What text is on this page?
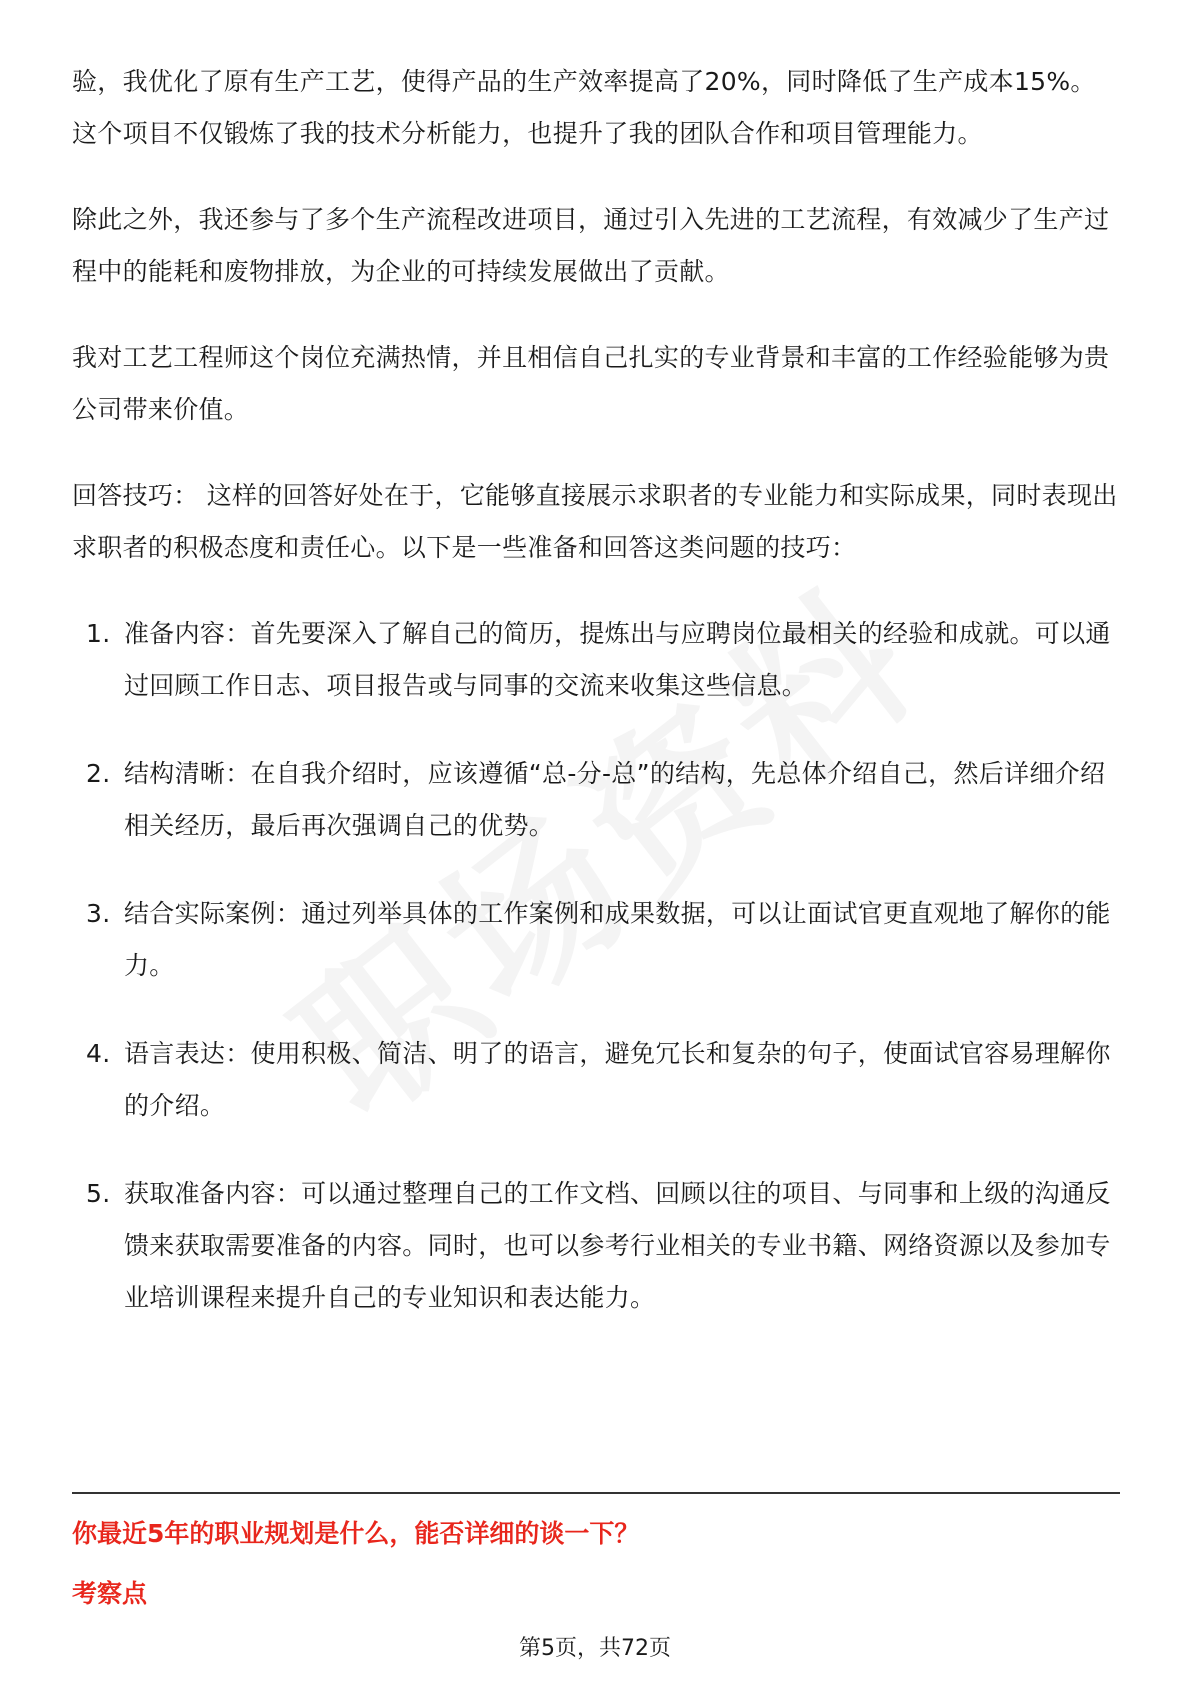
验，我优化了原有生产工艺，使得产品的生产效率提高了20%，同时降低了生产成本15%。这个项目不仅锻炼了我的技术分析能力，也提升了我的团队合作和项目管理能力。

除此之外，我还参与了多个生产流程改进项目，通过引入先进的工艺流程，有效减少了生产过程中的能耗和废物排放，为企业的可持续发展做出了贡献。

我对工艺工程师这个岗位充满热情，并且相信自己扎实的专业背景和丰富的工作经验能够为贵公司带来价值。

回答技巧： 这样的回答好处在于，它能够直接展示求职者的专业能力和实际成果，同时表现出求职者的积极态度和责任心。以下是一些准备和回答这类问题的技巧：

1. 准备内容：首先要深入了解自己的简历，提炼出与应聘岗位最相关的经验和成就。可以通过回顾工作日志、项目报告或与同事的交流来收集这些信息。
2. 结构清晰：在自我介绍时，应该遵循“总-分-总”的结构，先总体介绍自己，然后详细介绍相关经历，最后再次强调自己的优势。
3. 结合实际案例：通过列举具体的工作案例和成果数据，可以让面试官更直观地了解你的能力。
4. 语言表达：使用积极、简洁、明了的语言，避免冗长和复杂的句子，使面试官容易理解你的介绍。
5. 获取准备内容：可以通过整理自己的工作文档、回顾以往的项目、与同事和上级的沟通反馈来获取需要准备的内容。同时，也可以参考行业相关的专业书籍、网络资源以及参加专业培训课程来提升自己的专业知识和表达能力。
你最近5年的职业规划是什么，能否详细的谈一下？
考察点
第5页，共72页
